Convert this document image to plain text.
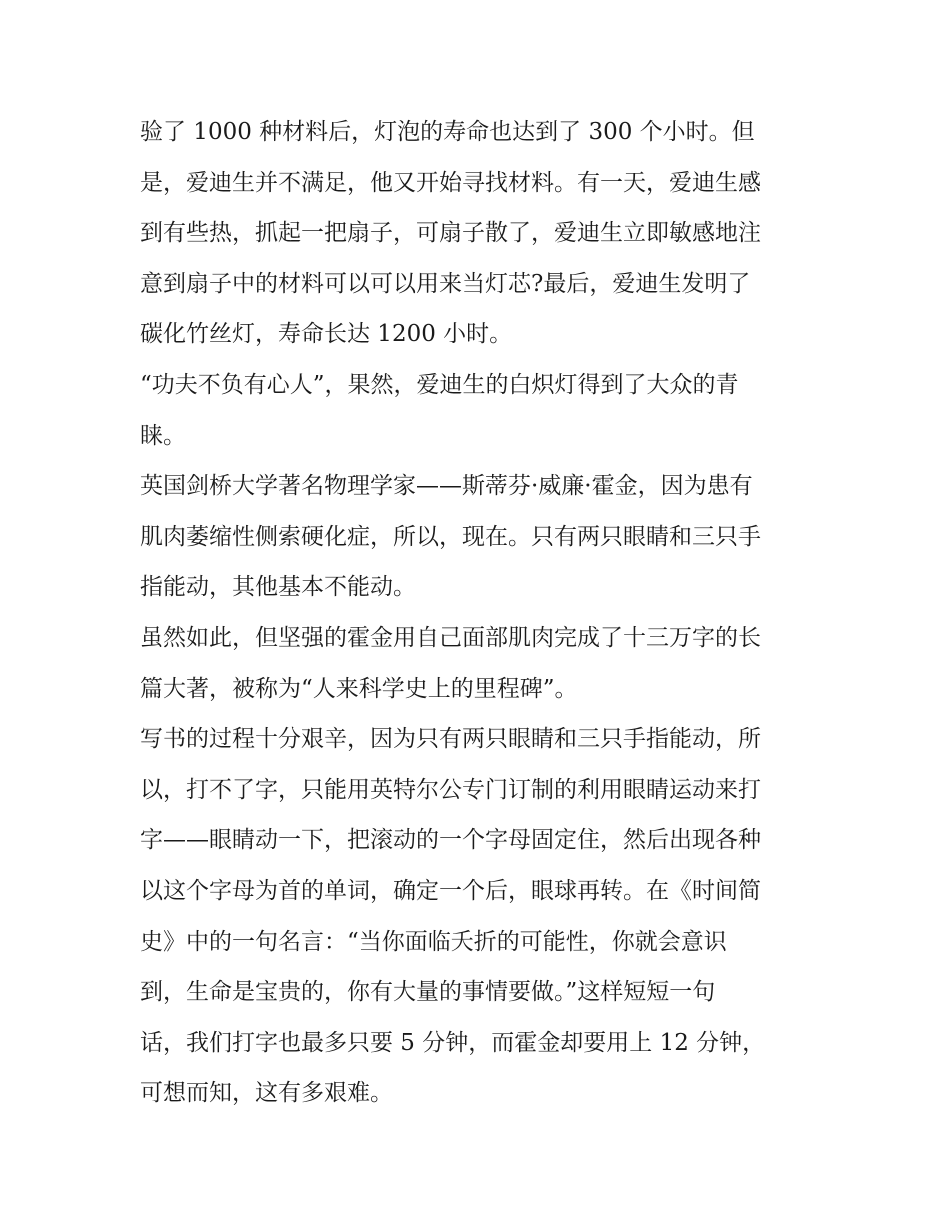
验了 1000 种材料后，灯泡的寿命也达到了 300 个小时。但
是，爱迪生并不满足，他又开始寻找材料。有一天，爱迪生感
到有些热，抓起一把扇子，可扇子散了，爱迪生立即敏感地注
意到扇子中的材料可以可以用来当灯芯?最后，爱迪生发明了
碳化竹丝灯，寿命长达 1200 小时。
“功夫不负有心人”，果然，爱迪生的白炽灯得到了大众的青
睐。
英国剑桥大学著名物理学家——斯蒂芬·威廉·霍金，因为患有
肌肉萎缩性侧索硬化症，所以，现在。只有两只眼睛和三只手
指能动，其他基本不能动。
虽然如此，但坚强的霍金用自己面部肌肉完成了十三万字的长
篇大著，被称为“人来科学史上的里程碑”。
写书的过程十分艰辛，因为只有两只眼睛和三只手指能动，所
以，打不了字，只能用英特尔公专门订制的利用眼睛运动来打
字——眼睛动一下，把滚动的一个字母固定住，然后出现各种
以这个字母为首的单词，确定一个后，眼球再转。在《时间简
史》中的一句名言：“当你面临夭折的可能性，你就会意识
到，生命是宝贵的，你有大量的事情要做。”这样短短一句
话，我们打字也最多只要 5 分钟，而霍金却要用上 12 分钟，
可想而知，这有多艰难。
